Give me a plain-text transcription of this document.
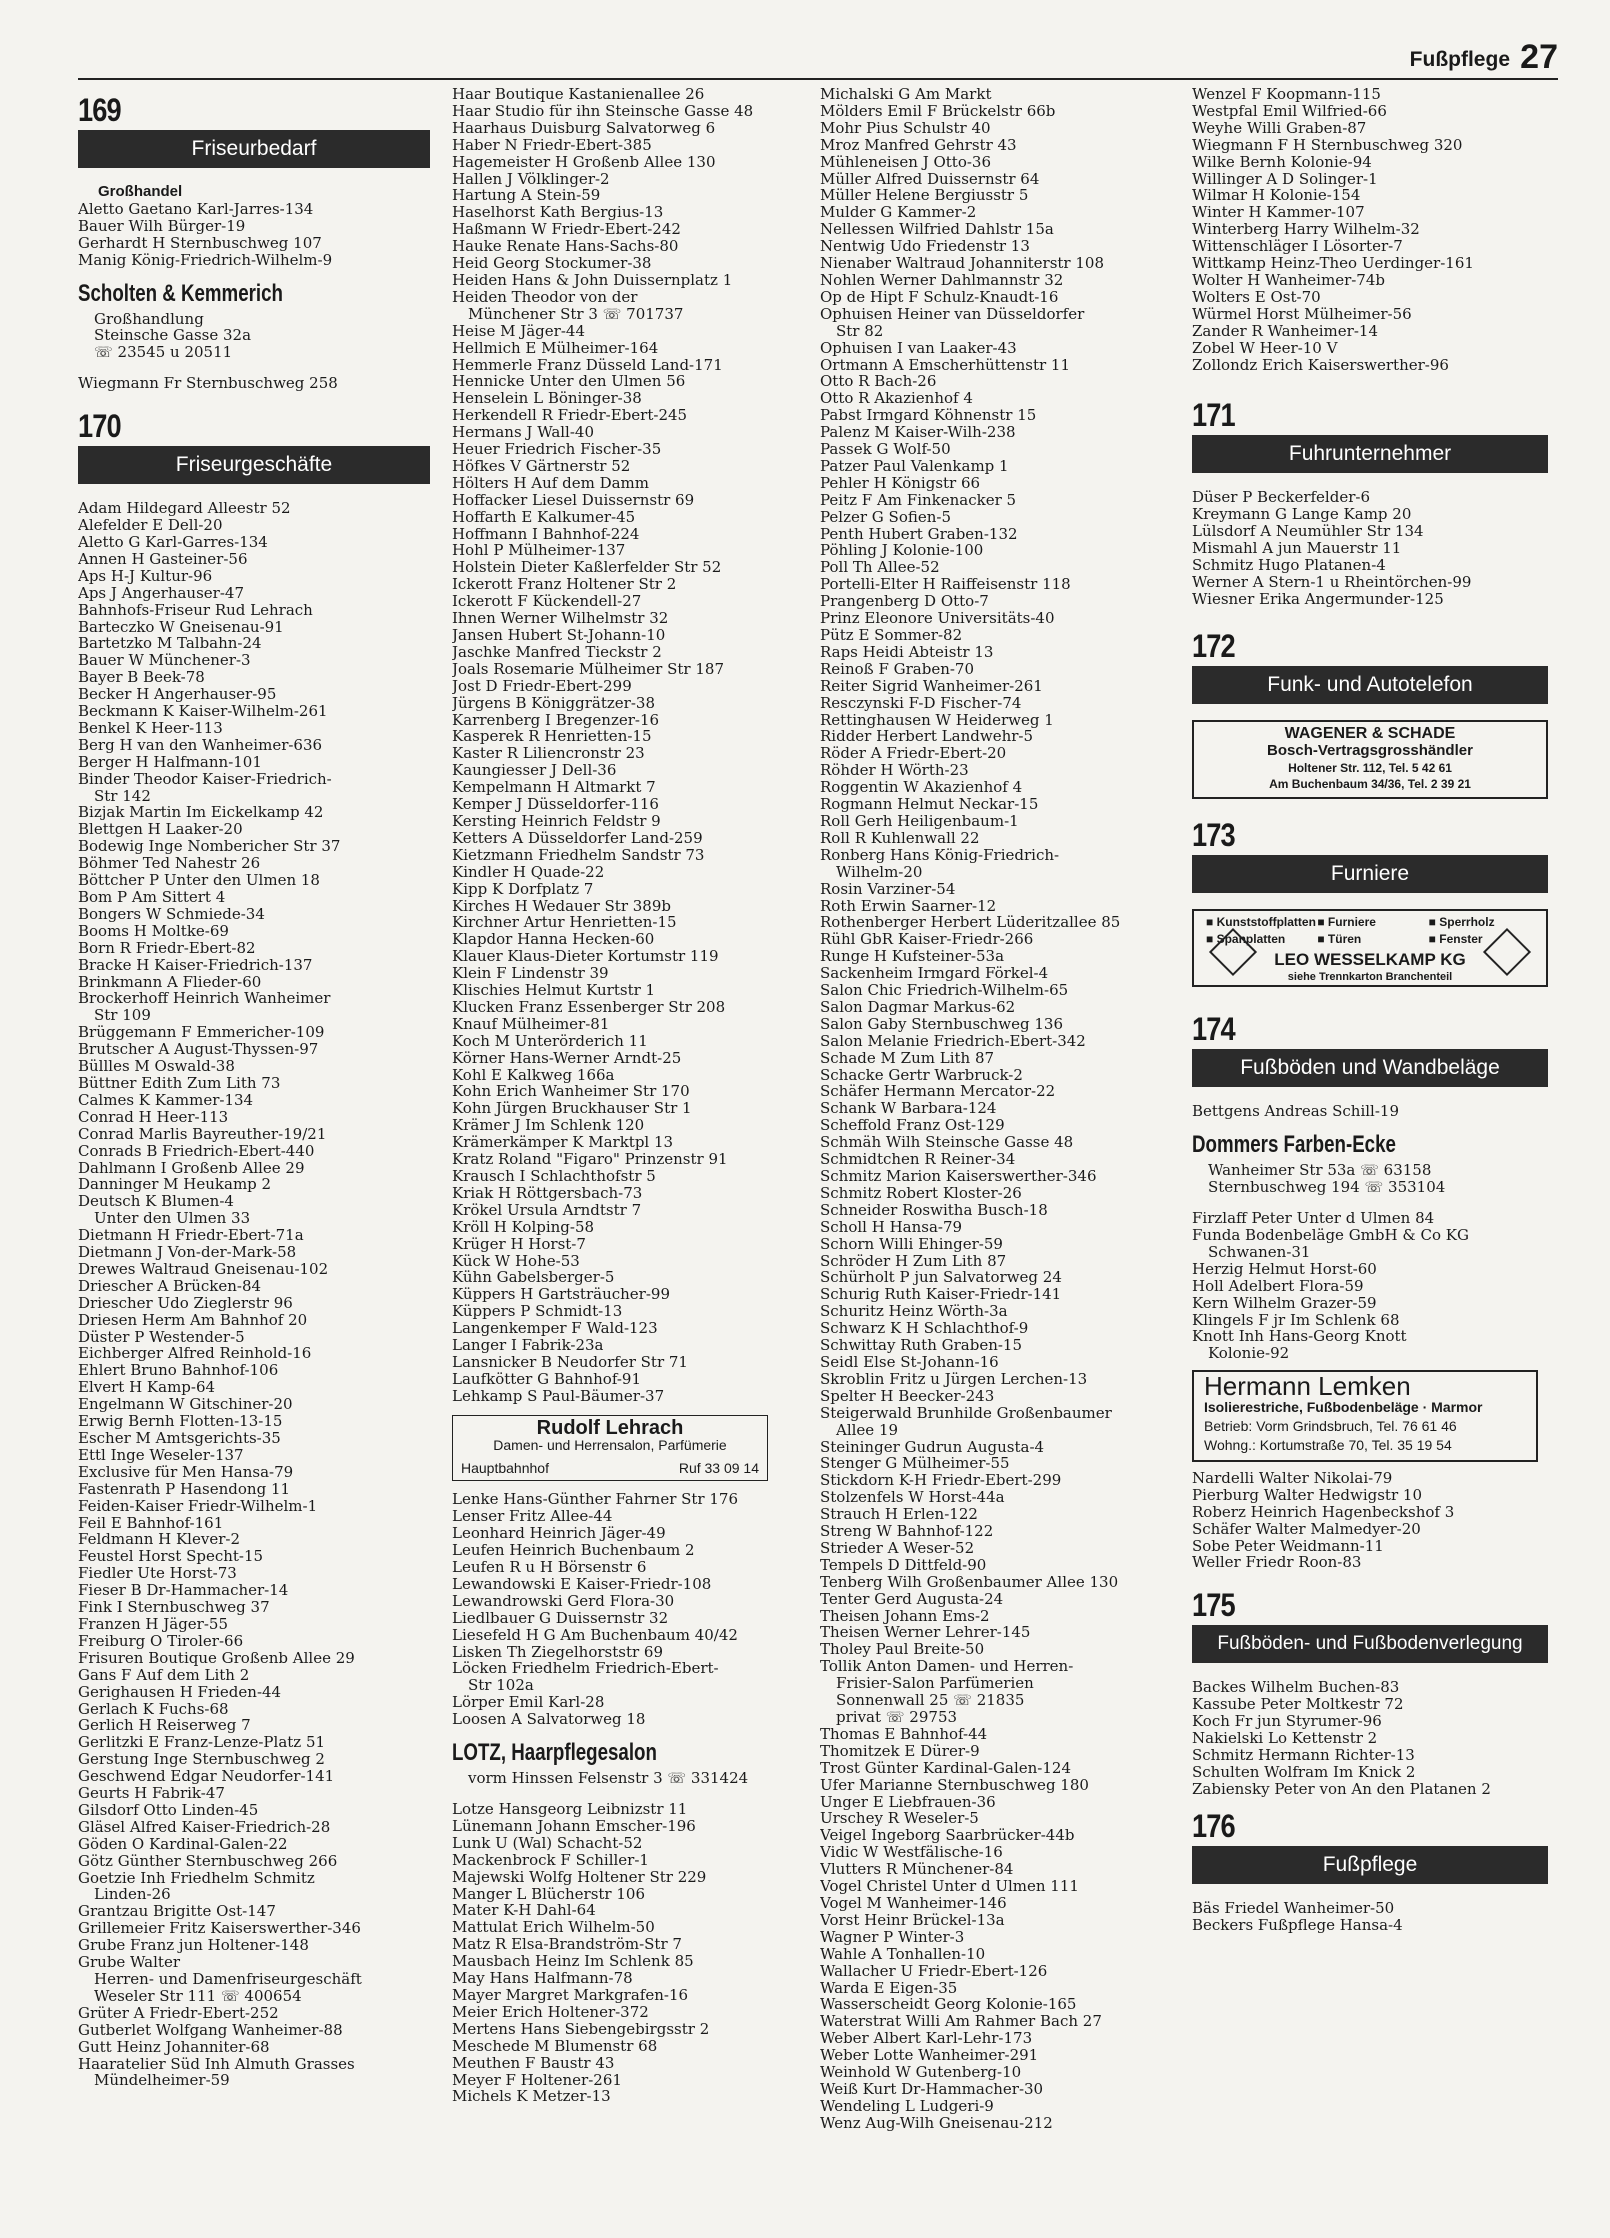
Fußpflege 27
169
Friseurbedarf
Großhandel
Aletto Gaetano Karl-Jarres-134
Bauer Wilh Bürger-19
Gerhardt H Sternbuschweg 107
Manig König-Friedrich-Wilhelm-9
Scholten & Kemmerich
Großhandlung
Steinsche Gasse 32a
☏ 23545 u 20511
Wiegmann Fr Sternbuschweg 258
170
Friseurgeschäfte
Adam Hildegard Alleestr 52
Alefelder E Dell-20
Aletto G Karl-Garres-134
Annen H Gasteiner-56
Aps H-J Kultur-96
Aps J Angerhauser-47
Bahnhofs-Friseur Rud Lehrach
Barteczko W Gneisenau-91
Bartetzko M Talbahn-24
Bauer W Münchener-3
Bayer B Beek-78
Becker H Angerhauser-95
Beckmann K Kaiser-Wilhelm-261
Benkel K Heer-113
Berg H van den Wanheimer-636
Berger H Halfmann-101
Binder Theodor Kaiser-Friedrich-
Str 142
Bizjak Martin Im Eickelkamp 42
Blettgen H Laaker-20
Bodewig Inge Nombericher Str 37
Böhmer Ted Nahestr 26
Böttcher P Unter den Ulmen 18
Bom P Am Sittert 4
Bongers W Schmiede-34
Booms H Moltke-69
Born R Friedr-Ebert-82
Bracke H Kaiser-Friedrich-137
Brinkmann A Flieder-60
Brockerhoff Heinrich Wanheimer
Str 109
Brüggemann F Emmericher-109
Brutscher A August-Thyssen-97
Büllles M Oswald-38
Büttner Edith Zum Lith 73
Calmes K Kammer-134
Conrad H Heer-113
Conrad Marlis Bayreuther-19/21
Conrads B Friedrich-Ebert-440
Dahlmann I Großenb Allee 29
Danninger M Heukamp 2
Deutsch K Blumen-4
Unter den Ulmen 33
Dietmann H Friedr-Ebert-71a
Dietmann J Von-der-Mark-58
Drewes Waltraud Gneisenau-102
Driescher A Brücken-84
Driescher Udo Zieglerstr 96
Driesen Herm Am Bahnhof 20
Düster P Westender-5
Eichberger Alfred Reinhold-16
Ehlert Bruno Bahnhof-106
Elvert H Kamp-64
Engelmann W Gitschiner-20
Erwig Bernh Flotten-13-15
Escher M Amtsgerichts-35
Ettl Inge Weseler-137
Exclusive für Men Hansa-79
Fastenrath P Hasendong 11
Feiden-Kaiser Friedr-Wilhelm-1
Feil E Bahnhof-161
Feldmann H Klever-2
Feustel Horst Specht-15
Fiedler Ute Horst-73
Fieser B Dr-Hammacher-14
Fink I Sternbuschweg 37
Franzen H Jäger-55
Freiburg O Tiroler-66
Frisuren Boutique Großenb Allee 29
Gans F Auf dem Lith 2
Gerighausen H Frieden-44
Gerlach K Fuchs-68
Gerlich H Reiserweg 7
Gerlitzki E Franz-Lenze-Platz 51
Gerstung Inge Sternbuschweg 2
Geschwend Edgar Neudorfer-141
Geurts H Fabrik-47
Gilsdorf Otto Linden-45
Gläsel Alfred Kaiser-Friedrich-28
Göden O Kardinal-Galen-22
Götz Günther Sternbuschweg 266
Goetzie Inh Friedhelm Schmitz
Linden-26
Grantzau Brigitte Ost-147
Grillemeier Fritz Kaiserswerther-346
Grube Franz jun Holtener-148
Grube Walter
Herren- und Damenfriseurgeschäft
Weseler Str 111 ☏ 400654
Grüter A Friedr-Ebert-252
Gutberlet Wolfgang Wanheimer-88
Gutt Heinz Johanniter-68
Haaratelier Süd Inh Almuth Grasses
Mündelheimer-59
Haar Boutique Kastanienallee 26
Haar Studio für ihn Steinsche Gasse 48
Haarhaus Duisburg Salvatorweg 6
Haber N Friedr-Ebert-385
Hagemeister H Großenb Allee 130
Hallen J Völklinger-2
Hartung A Stein-59
Haselhorst Kath Bergius-13
Haßmann W Friedr-Ebert-242
Hauke Renate Hans-Sachs-80
Heid Georg Stockumer-38
Heiden Hans & John Duissernplatz 1
Heiden Theodor von der
Münchener Str 3 ☏ 701737
Heise M Jäger-44
Hellmich E Mülheimer-164
Hemmerle Franz Düsseld Land-171
Hennicke Unter den Ulmen 56
Henselein L Böninger-38
Herkendell R Friedr-Ebert-245
Hermans J Wall-40
Heuer Friedrich Fischer-35
Höfkes V Gärtnerstr 52
Hölters H Auf dem Damm
Hoffacker Liesel Duissernstr 69
Hoffarth E Kalkumer-45
Hoffmann I Bahnhof-224
Hohl P Mülheimer-137
Holstein Dieter Kaßlerfelder Str 52
Ickerott Franz Holtener Str 2
Ickerott F Kückendell-27
Ihnen Werner Wilhelmstr 32
Jansen Hubert St-Johann-10
Jaschke Manfred Tieckstr 2
Joals Rosemarie Mülheimer Str 187
Jost D Friedr-Ebert-299
Jürgens B Königgrätzer-38
Karrenberg I Bregenzer-16
Kasperek R Henrietten-15
Kaster R Liliencronstr 23
Kaungiesser J Dell-36
Kempelmann H Altmarkt 7
Kemper J Düsseldorfer-116
Kersting Heinrich Feldstr 9
Ketters A Düsseldorfer Land-259
Kietzmann Friedhelm Sandstr 73
Kindler H Quade-22
Kipp K Dorfplatz 7
Kirches H Wedauer Str 389b
Kirchner Artur Henrietten-15
Klapdor Hanna Hecken-60
Klauer Klaus-Dieter Kortumstr 119
Klein F Lindenstr 39
Klischies Helmut Kurtstr 1
Klucken Franz Essenberger Str 208
Knauf Mülheimer-81
Koch M Unterörderich 11
Körner Hans-Werner Arndt-25
Kohl E Kalkweg 166a
Kohn Erich Wanheimer Str 170
Kohn Jürgen Bruckhauser Str 1
Krämer J Im Schlenk 120
Krämerkämper K Marktpl 13
Kratz Roland "Figaro" Prinzenstr 91
Krausch I Schlachthofstr 5
Kriak H Röttgersbach-73
Krökel Ursula Arndtstr 7
Kröll H Kolping-58
Krüger H Horst-7
Kück W Hohe-53
Kühn Gabelsberger-5
Küppers H Gartsträucher-99
Küppers P Schmidt-13
Langenkemper F Wald-123
Langer I Fabrik-23a
Lansnicker B Neudorfer Str 71
Laufkötter G Bahnhof-91
Lehkamp S Paul-Bäumer-37
Rudolf Lehrach
Damen- und Herrensalon, Parfümerie
Hauptbahnhof	Ruf 33 09 14
Lenke Hans-Günther Fahrner Str 176
Lenser Fritz Allee-44
Leonhard Heinrich Jäger-49
Leufen Heinrich Buchenbaum 2
Leufen R u H Börsenstr 6
Lewandowski E Kaiser-Friedr-108
Lewandrowski Gerd Flora-30
Liedlbauer G Duissernstr 32
Liesefeld H G Am Buchenbaum 40/42
Lisken Th Ziegelhorststr 69
Löcken Friedhelm Friedrich-Ebert-
Str 102a
Lörper Emil Karl-28
Loosen A Salvatorweg 18
LOTZ, Haarpflegesalon
vorm Hinssen Felsenstr 3 ☏ 331424
Lotze Hansgeorg Leibnizstr 11
Lünemann Johann Emscher-196
Lunk U (Wal) Schacht-52
Mackenbrock F Schiller-1
Majewski Wolfg Holtener Str 229
Manger L Blücherstr 106
Mater K-H Dahl-64
Mattulat Erich Wilhelm-50
Matz R Elsa-Brandström-Str 7
Mausbach Heinz Im Schlenk 85
May Hans Halfmann-78
Mayer Margret Markgrafen-16
Meier Erich Holtener-372
Mertens Hans Siebengebirgsstr 2
Meschede M Blumenstr 68
Meuthen F Baustr 43
Meyer F Holtener-261
Michels K Metzer-13
Michalski G Am Markt
Mölders Emil F Brückelstr 66b
Mohr Pius Schulstr 40
Mroz Manfred Gehrstr 43
Mühleneisen J Otto-36
Müller Alfred Duissernstr 64
Müller Helene Bergiusstr 5
Mulder G Kammer-2
Nellessen Wilfried Dahlstr 15a
Nentwig Udo Friedenstr 13
Nienaber Waltraud Johanniterstr 108
Nohlen Werner Dahlmannstr 32
Op de Hipt F Schulz-Knaudt-16
Ophuisen Heiner van Düsseldorfer
Str 82
Ophuisen I van Laaker-43
Ortmann A Emscherhüttenstr 11
Otto R Bach-26
Otto R Akazienhof 4
Pabst Irmgard Köhnenstr 15
Palenz M Kaiser-Wilh-238
Passek G Wolf-50
Patzer Paul Valenkamp 1
Pehler H Königstr 66
Peitz F Am Finkenacker 5
Pelzer G Sofien-5
Penth Hubert Graben-132
Pöhling J Kolonie-100
Poll Th Allee-52
Portelli-Elter H Raiffeisenstr 118
Prangenberg D Otto-7
Prinz Eleonore Universitäts-40
Pütz E Sommer-82
Raps Heidi Abteistr 13
Reinoß F Graben-70
Reiter Sigrid Wanheimer-261
Resczynski F-D Fischer-74
Rettinghausen W Heiderweg 1
Ridder Herbert Landwehr-5
Röder A Friedr-Ebert-20
Röhder H Wörth-23
Roggentin W Akazienhof 4
Rogmann Helmut Neckar-15
Roll Gerh Heiligenbaum-1
Roll R Kuhlenwall 22
Ronberg Hans König-Friedrich-
Wilhelm-20
Rosin Varziner-54
Roth Erwin Saarner-12
Rothenberger Herbert Lüderitzallee 85
Rühl GbR Kaiser-Friedr-266
Runge H Kufsteiner-53a
Sackenheim Irmgard Förkel-4
Salon Chic Friedrich-Wilhelm-65
Salon Dagmar Markus-62
Salon Gaby Sternbuschweg 136
Salon Melanie Friedrich-Ebert-342
Schade M Zum Lith 87
Schacke Gertr Warbruck-2
Schäfer Hermann Mercator-22
Schank W Barbara-124
Scheffold Franz Ost-129
Schmäh Wilh Steinsche Gasse 48
Schmidtchen R Reiner-34
Schmitz Marion Kaiserswerther-346
Schmitz Robert Kloster-26
Schneider Roswitha Busch-18
Scholl H Hansa-79
Schorn Willi Ehinger-59
Schröder H Zum Lith 87
Schürholt P jun Salvatorweg 24
Schurig Ruth Kaiser-Friedr-141
Schuritz Heinz Wörth-3a
Schwarz K H Schlachthof-9
Schwittay Ruth Graben-15
Seidl Else St-Johann-16
Skroblin Fritz u Jürgen Lerchen-13
Spelter H Beecker-243
Steigerwald Brunhilde Großenbaumer
Allee 19
Steininger Gudrun Augusta-4
Stenger G Mülheimer-55
Stickdorn K-H Friedr-Ebert-299
Stolzenfels W Horst-44a
Strauch H Erlen-122
Streng W Bahnhof-122
Strieder A Weser-52
Tempels D Dittfeld-90
Tenberg Wilh Großenbaumer Allee 130
Tenter Gerd Augusta-24
Theisen Johann Ems-2
Theisen Werner Lehrer-145
Tholey Paul Breite-50
Tollik Anton Damen- und Herren-
Frisier-Salon Parfümerien
Sonnenwall 25 ☏ 21835
privat ☏ 29753
Thomas E Bahnhof-44
Thomitzek E Dürer-9
Trost Günter Kardinal-Galen-124
Ufer Marianne Sternbuschweg 180
Unger E Liebfrauen-36
Urschey R Weseler-5
Veigel Ingeborg Saarbrücker-44b
Vidic W Westfälische-16
Vlutters R Münchener-84
Vogel Christel Unter d Ulmen 111
Vogel M Wanheimer-146
Vorst Heinr Brückel-13a
Wagner P Winter-3
Wahle A Tonhallen-10
Wallacher U Friedr-Ebert-126
Warda E Eigen-35
Wasserscheidt Georg Kolonie-165
Waterstrat Willi Am Rahmer Bach 27
Weber Albert Karl-Lehr-173
Weber Lotte Wanheimer-291
Weinhold W Gutenberg-10
Weiß Kurt Dr-Hammacher-30
Wendeling L Ludgeri-9
Wenz Aug-Wilh Gneisenau-212
Wenzel F Koopmann-115
Westpfal Emil Wilfried-66
Weyhe Willi Graben-87
Wiegmann F H Sternbuschweg 320
Wilke Bernh Kolonie-94
Willinger A D Solinger-1
Wilmar H Kolonie-154
Winter H Kammer-107
Winterberg Harry Wilhelm-32
Wittenschläger I Lösorter-7
Wittkamp Heinz-Theo Uerdinger-161
Wolter H Wanheimer-74b
Wolters E Ost-70
Würmel Horst Mülheimer-56
Zander R Wanheimer-14
Zobel W Heer-10 V
Zollondz Erich Kaiserswerther-96
171
Fuhrunternehmer
Düser P Beckerfelder-6
Kreymann G Lange Kamp 20
Lülsdorf A Neumühler Str 134
Mismahl A jun Mauerstr 11
Schmitz Hugo Platanen-4
Werner A Stern-1 u Rheintörchen-99
Wiesner Erika Angermunder-125
172
Funk- und Autotelefon
WAGENER & SCHADE
Bosch-Vertragsgrosshändler
Holtener Str. 112, Tel. 5 42 61
Am Buchenbaum 34/36, Tel. 2 39 21
173
Furniere
■ Kunststoffplatten ■ Furniere	■ Sperrholz
■ Spanplatten	■ Türen	■ Fenster
LEO WESSELKAMP KG
siehe Trennkarton Branchenteil
174
Fußböden und Wandbeläge
Bettgens Andreas Schill-19
Dommers Farben-Ecke
Wanheimer Str 53a ☏ 63158
Sternbuschweg 194 ☏ 353104
Firzlaff Peter Unter d Ulmen 84
Funda Bodenbeläge GmbH & Co KG
Schwanen-31
Herzig Helmut Horst-60
Holl Adelbert Flora-59
Kern Wilhelm Grazer-59
Klingels F jr Im Schlenk 68
Knott Inh Hans-Georg Knott
Kolonie-92
Hermann Lemken
Isolierestriche, Fußbodenbeläge · Marmor
Betrieb: Vorm Grindsbruch, Tel. 76 61 46
Wohng.: Kortumstraße 70, Tel. 35 19 54
Nardelli Walter Nikolai-79
Pierburg Walter Hedwigstr 10
Roberz Heinrich Hagenbeckshof 3
Schäfer Walter Malmedyer-20
Sobe Peter Weidmann-11
Weller Friedr Roon-83
175
Fußböden- und Fußbodenverlegung
Backes Wilhelm Buchen-83
Kassube Peter Moltkestr 72
Koch Fr jun Styrumer-96
Nakielski Lo Kettenstr 2
Schmitz Hermann Richter-13
Schulten Wolfram Im Knick 2
Zabiensky Peter von An den Platanen 2
176
Fußpflege
Bäs Friedel Wanheimer-50
Beckers Fußpflege Hansa-4
